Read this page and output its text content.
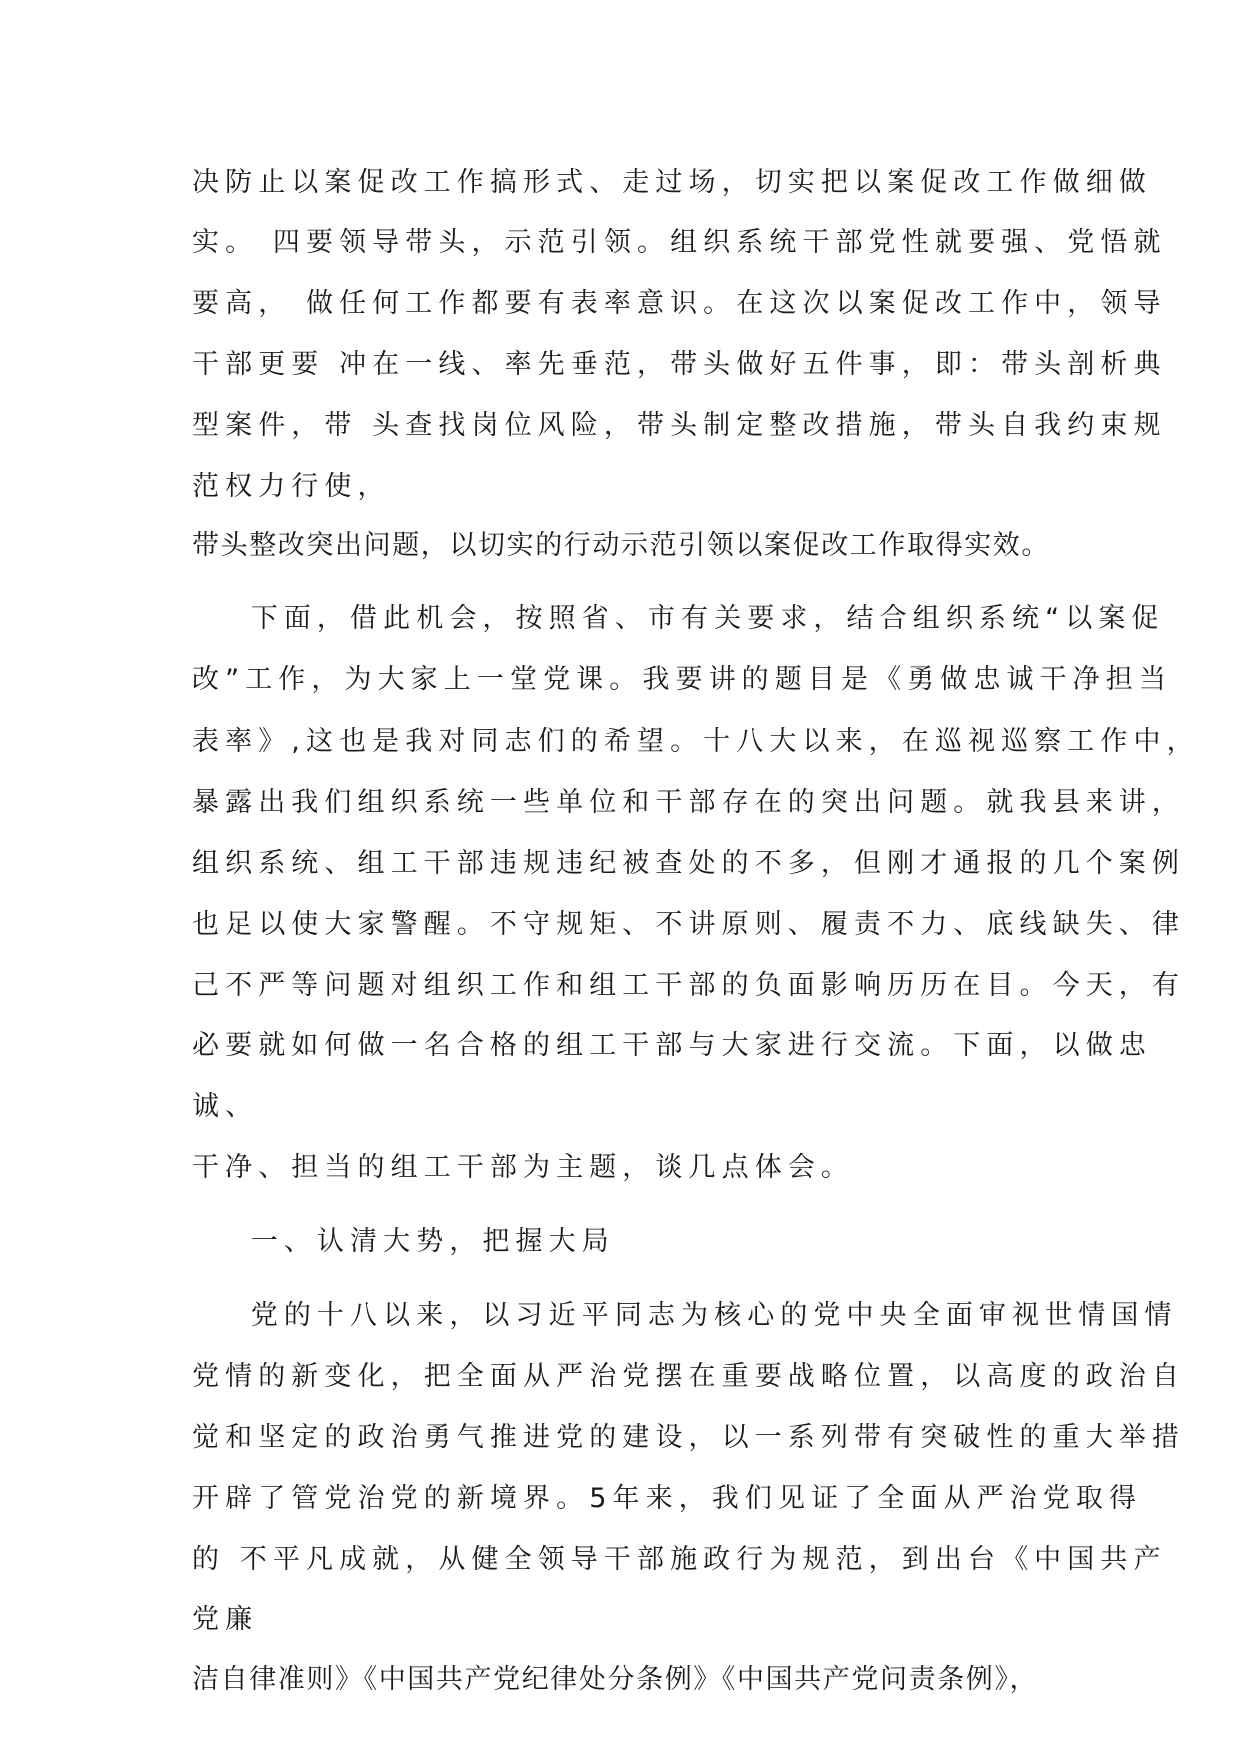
决防止以案促改工作搞形式、走过场，切实把以案促改工作做细做

实。 四要领导带头，示范引领。组织系统干部党性就要强、党悟就

要高， 做任何工作都要有表率意识。在这次以案促改工作中，领导

干部更要 冲在一线、率先垂范，带头做好五件事，即：带头剖析典

型案件，带 头查找岗位风险，带头制定整改措施，带头自我约束规

范权力行使，

带头整改突出问题，以切实的行动示范引领以案促改工作取得实效。

下面，借此机会，按照省、市有关要求，结合组织系统“以案促

改”工作，为大家上一堂党课。我要讲的题目是《勇做忠诚干净担当

表率》,这也是我对同志们的希望。十八大以来，在巡视巡察工作中，

暴露出我们组织系统一些单位和干部存在的突出问题。就我县来讲，

组织系统、组工干部违规违纪被查处的不多，但刚才通报的几个案例

也足以使大家警醒。不守规矩、不讲原则、履责不力、底线缺失、律

己不严等问题对组织工作和组工干部的负面影响历历在目。今天，有

必要就如何做一名合格的组工干部与大家进行交流。下面，以做忠

诚、

干净、担当的组工干部为主题，谈几点体会。

一、认清大势，把握大局

党的十八以来，以习近平同志为核心的党中央全面审视世情国情

党情的新变化，把全面从严治党摆在重要战略位置，以高度的政治自

觉和坚定的政治勇气推进党的建设，以一系列带有突破性的重大举措

开辟了管党治党的新境界。5年来，我们见证了全面从严治党取得

的 不平凡成就，从健全领导干部施政行为规范，到出台《中国共产

党廉

洁自律准则》《中国共产党纪律处分条例》《中国共产党问责条例》，
